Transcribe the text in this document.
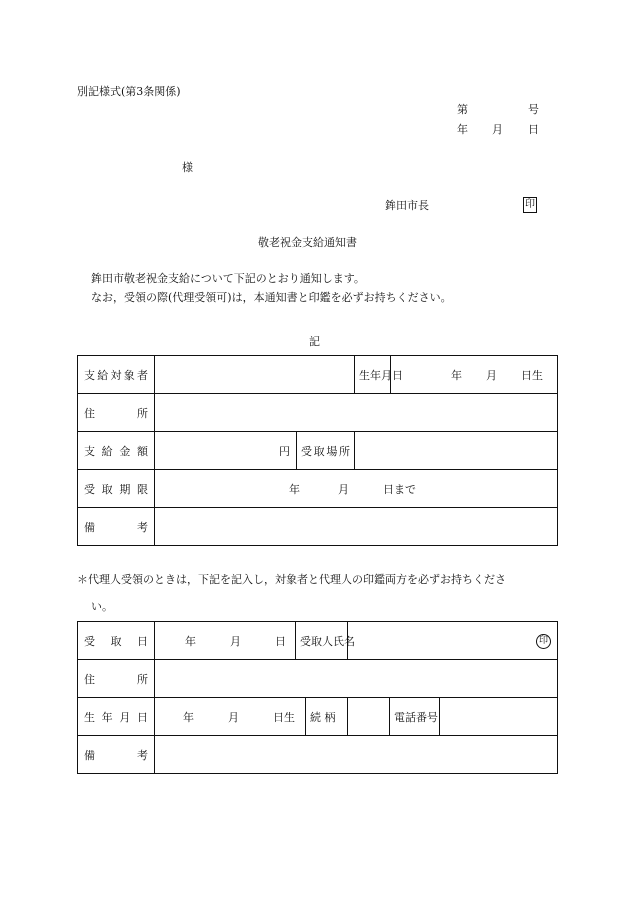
別記様式(第3条関係)
第	号
年 月 日
様
鉾田市長	印
敬老祝金支給通知書
鉾田市敬老祝金支給について下記のとおり通知します。
なお，受領の際(代理受領可)は，本通知書と印鑑を必ずお持ちください。
記
支 給 対 象 者			生年月日	年 月 日生

住 所				

支 給 金 額	円	受 取 場 所		

受 取 期 限	年 月 日まで			

備 考				

＊代理人受領のときは，下記を記入し，対象者と代理人の印鑑両方を必ずお持ちくださ
い。
受 取 日	年 月 日	受取人氏名		印		

住 所						

生 年 月 日	年 月 日生		続 柄		電話番号	

備 考						
